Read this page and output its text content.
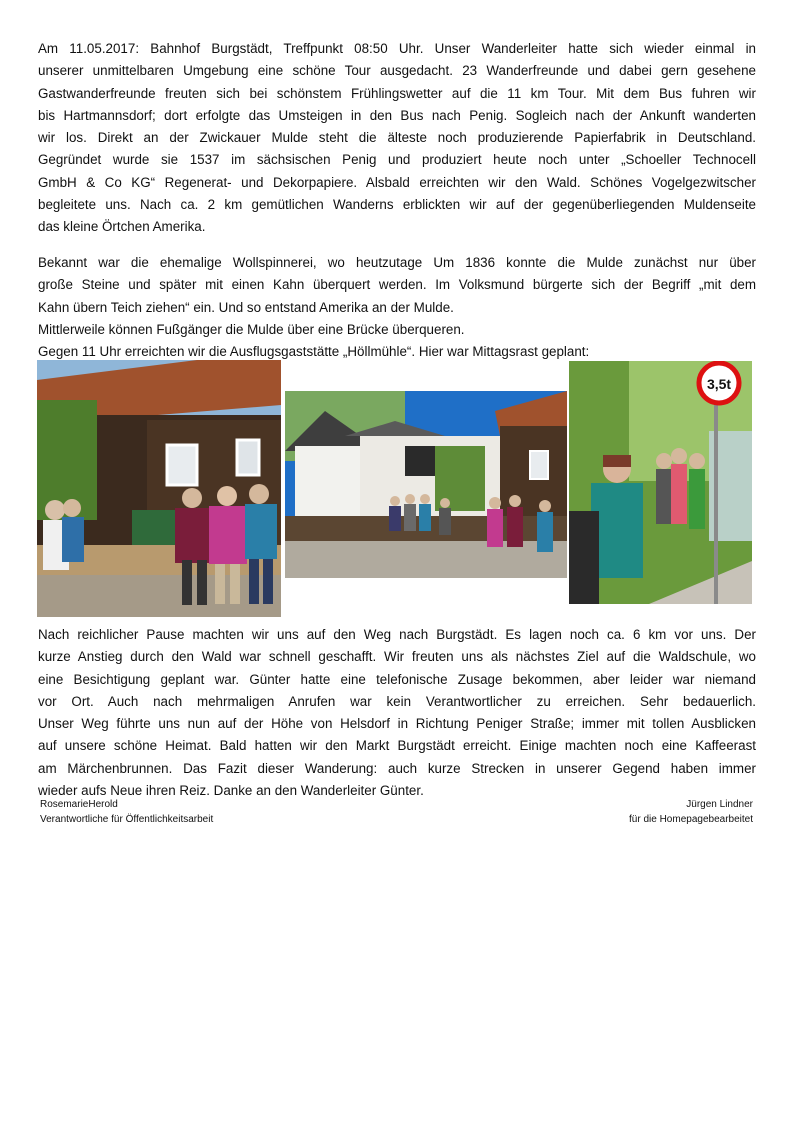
Am 11.05.2017: Bahnhof Burgstädt, Treffpunkt 08:50 Uhr. Unser Wanderleiter hatte sich wieder einmal in
unserer unmittelbaren Umgebung eine schöne Tour ausgedacht. 23 Wanderfreunde und dabei gern gesehene
Gastwanderfreunde freuten sich bei schönstem Frühlingswetter auf die 11 km Tour. Mit dem Bus fuhren wir
bis Hartmannsdorf; dort erfolgte das Umsteigen in den Bus nach Penig. Sogleich nach der Ankunft wanderten
wir los. Direkt an der Zwickauer Mulde steht die älteste noch produzierende Papierfabrik in Deutschland.
Gegründet wurde sie 1537 im sächsischen Penig und produziert heute noch unter „Schoeller Technocell
GmbH & Co KG“ Regenerat- und Dekorpapiere. Alsbald erreichten wir den Wald. Schönes Vogelgezwitscher
begleitete uns. Nach ca. 2 km gemütlichen Wanderns erblickten wir auf der gegenüberliegenden Muldenseite
das kleine Örtchen Amerika.
Bekannt war die ehemalige Wollspinnerei, wo heutzutage Um 1836 konnte die Mulde zunächst nur über
große Steine und später mit einen Kahn überquert werden. Im Volksmund bürgerte sich der Begriff „mit dem
Kahn übern Teich ziehen“ ein. Und so entstand Amerika an der Mulde.
Mittlerweile können Fußgänger die Mulde über eine Brücke überqueren.
Gegen 11 Uhr erreichten wir die Ausflugsgaststätte „Höllmühle“. Hier war Mittagsrast geplant:
3,5t
Nach reichlicher Pause machten wir uns auf den Weg nach Burgstädt. Es lagen noch ca. 6 km vor uns. Der
kurze Anstieg durch den Wald war schnell geschafft. Wir freuten uns als nächstes Ziel auf die Waldschule, wo
eine Besichtigung geplant war. Günter hatte eine telefonische Zusage bekommen, aber leider war niemand
vor Ort. Auch nach mehrmaligen Anrufen war kein Verantwortlicher zu erreichen. Sehr bedauerlich.
Unser Weg führte uns nun auf der Höhe von Helsdorf in Richtung Peniger Straße; immer mit tollen Ausblicken
auf unsere schöne Heimat. Bald hatten wir den Markt Burgstädt erreicht. Einige machten noch eine Kaffeerast
am Märchenbrunnen. Das Fazit dieser Wanderung: auch kurze Strecken in unserer Gegend haben immer
wieder aufs Neue ihren Reiz. Danke an den Wanderleiter Günter.
RosemarieHerold
Verantwortliche für Öffentlichkeitsarbeit
Jürgen Lindner
für die Homepagebearbeitet
